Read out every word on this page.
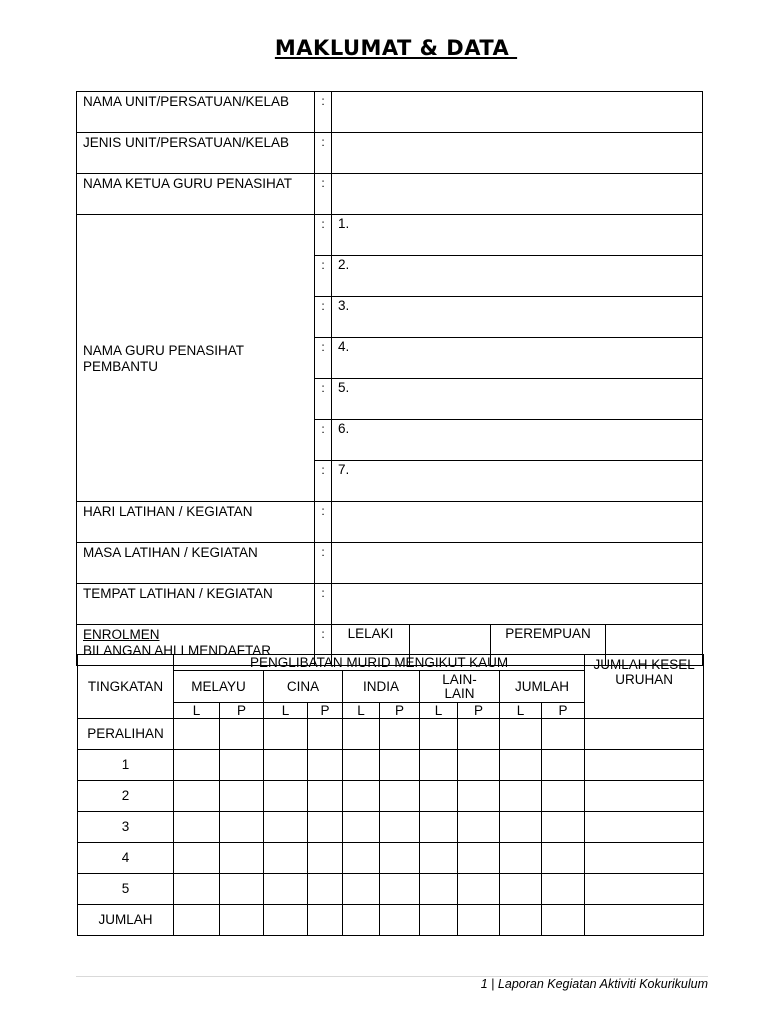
MAKLUMAT & DATA
NAMA UNIT/PERSATUAN/KELAB	:				
JENIS UNIT/PERSATUAN/KELAB	:				
NAMA KETUA GURU PENASIHAT	:				
NAMA GURU PENASIHAT PEMBANTU	:	1.			
	:	2.			
	:	3.			
	:	4.			
	:	5.			
	:	6.			
	:	7.			
HARI LATIHAN / KEGIATAN	:				
MASA LATIHAN / KEGIATAN	:				
TEMPAT LATIHAN / KEGIATAN	:				

ENROLMEN
BILANGAN AHLI MENDAFTAR	:	LELAKI		PEREMPUAN	
TINGKATAN	PENGLIBATAN MURID MENGIKUT KAUM										JUMLAH KESELURUHAN

	MELAYU		CINA		INDIA		LAIN-
LAIN		JUMLAH		
	L	P	L	P	L	P	L	P	L	P	
PERALIHAN											
1											
2											
3											
4											
5											
JUMLAH											
1 | Laporan Kegiatan Aktiviti Kokurikulum
